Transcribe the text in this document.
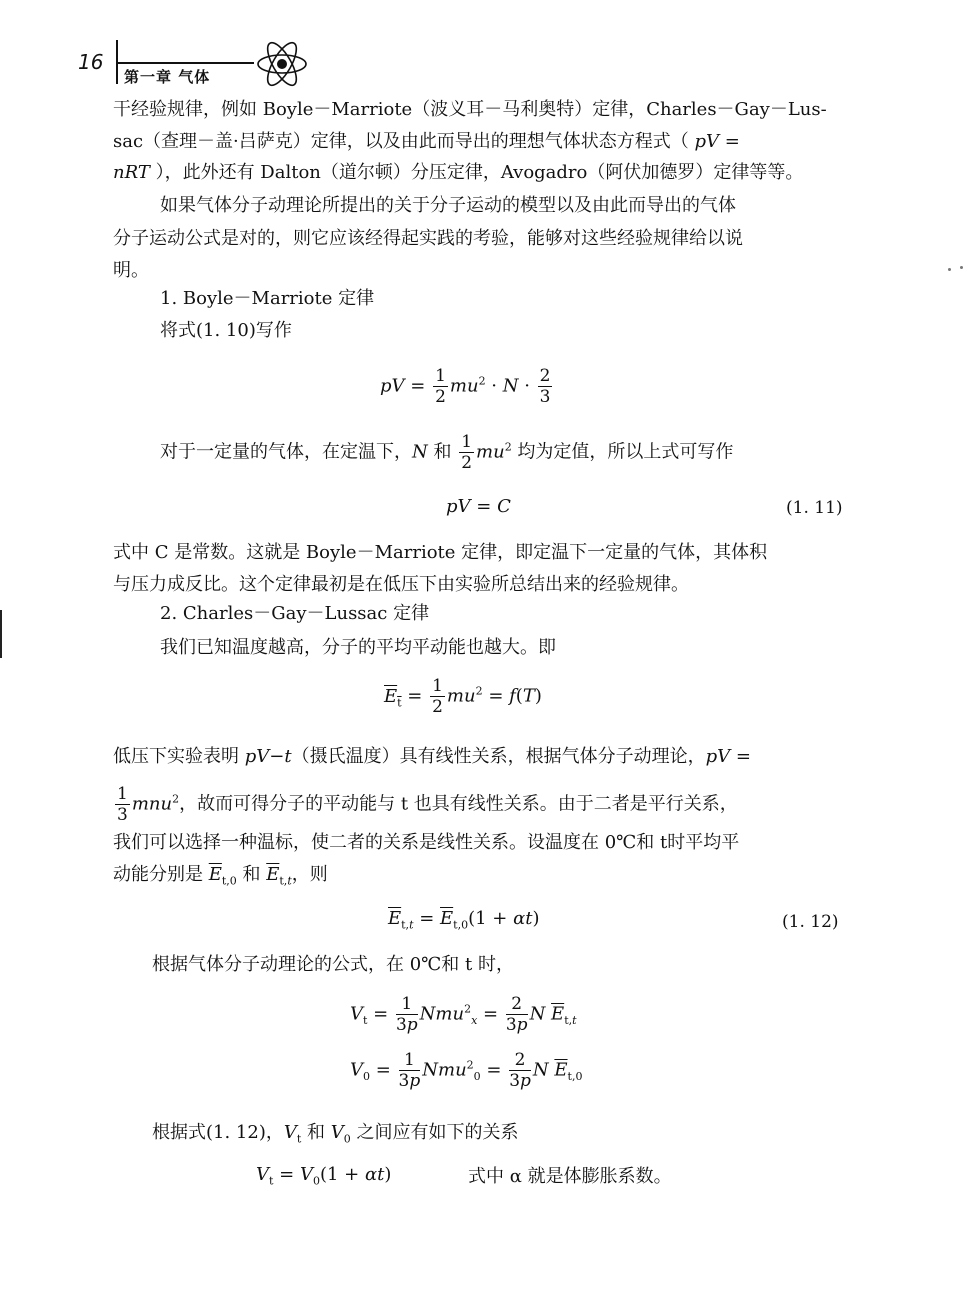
16
第一章 气体
干经验规律，例如 Boyle－Marriote（波义耳－马利奥特）定律，Charles－Gay－Lus-
sac（查理－盖·吕萨克）定律，以及由此而导出的理想气体状态方程式（ pV =
nRT ），此外还有 Dalton（道尔顿）分压定律，Avogadro（阿伏加德罗）定律等等。
如果气体分子动理论所提出的关于分子运动的模型以及由此而导出的气体
分子运动公式是对的，则它应该经得起实践的考验，能够对这些经验规律给以说
明。
1. Boyle－Marriote 定律
将式(1. 10)写作
pV = $\frac{1}{2} mu^2 \cdot N \cdot \frac{2}{3}$
对于一定量的气体，在定温下，N 和 $\frac{1}{2} mu^2$ 均为定值，所以上式可写作
pV = C	(1. 11)
式中 C 是常数。这就是 Boyle－Marriote 定律，即定温下一定量的气体，其体积
与压力成反比。这个定律最初是在低压下由实验所总结出来的经验规律。
2. Charles－Gay－Lussac 定律
我们已知温度越高，分子的平均平动能也越大。即
$E_t = \frac{1}{2} mu^2 = f(T)$
低压下实验表明 pV−t（摄氏温度）具有线性关系，根据气体分子动理论，pV =
$\frac{1}{3} mnu^2$，故而可得分子的平动能与 t 也具有线性关系。由于二者是平行关系，
我们可以选择一种温标，使二者的关系是线性关系。设温度在 0℃和 t时平均平
动能分别是 $\overline{E}_{t,0}$ 和 $\overline{E}_{t,t}$，则
$\overline{E}_{t,t} = \overline{E}_{t,0}(1 + \alpha t)$	(1. 12)
根据气体分子动理论的公式，在 0℃和 t 时，
$V_t = \frac{1}{3p} Nmu^2_x = \frac{2}{3p}$ N $\overline{E}_{t,t}$
$V_0 = \frac{1}{3p} Nmu^2_0 = \frac{2}{3p}$ N $\overline{E}_{t,0}$
根据式(1. 12)，$V_t$ 和 $V_0$ 之间应有如下的关系
$V_t = V_0(1 + \alpha t)$	式中 α 就是体膨胀系数。
